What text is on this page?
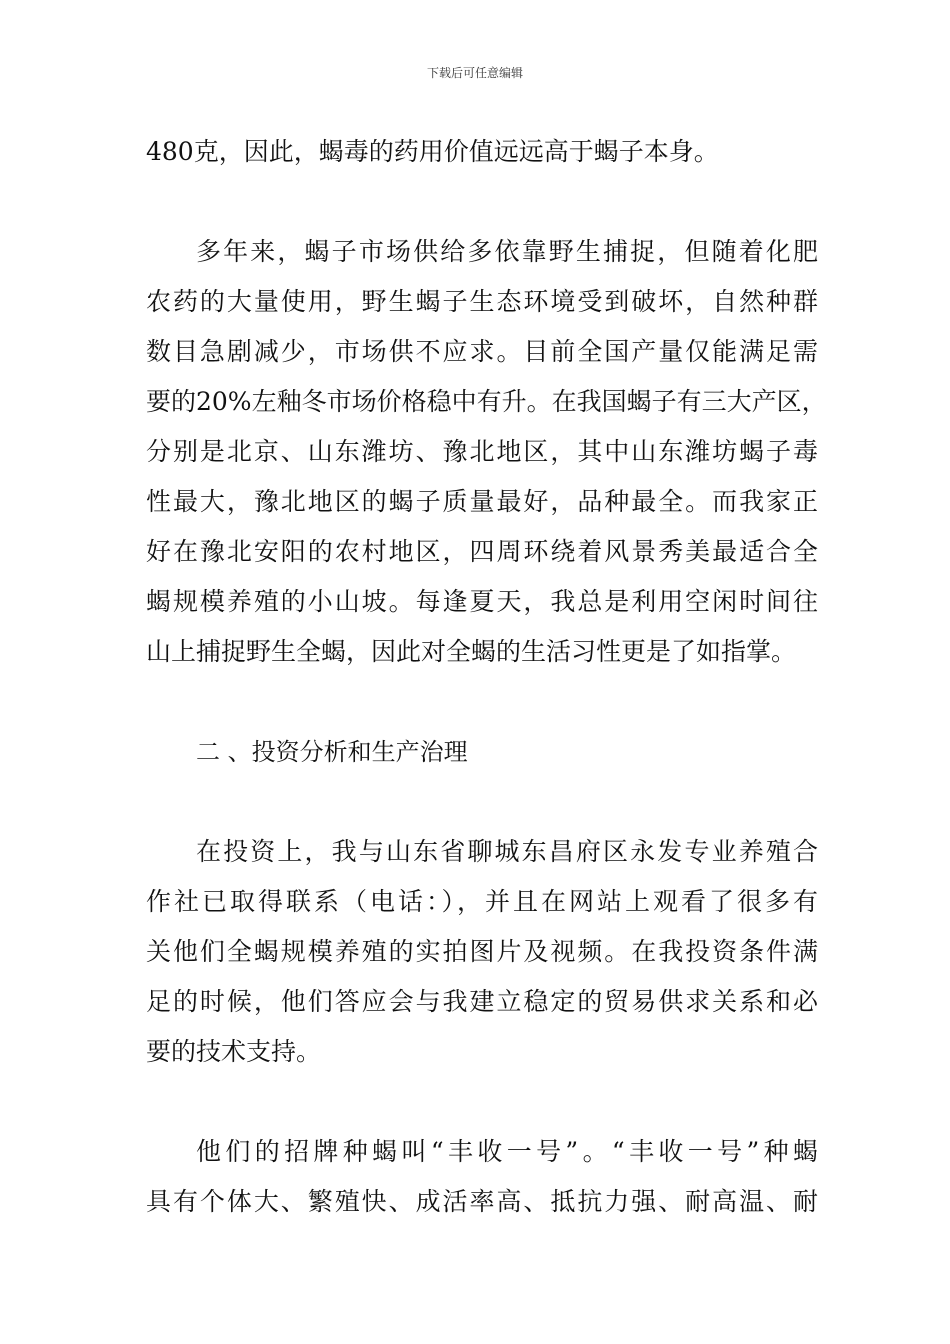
下载后可任意编辑

480克，因此，蝎毒的药用价值远远高于蝎子本身。

多年来，蝎子市场供给多依靠野生捕捉，但随着化肥
农药的大量使用，野生蝎子生态环境受到破坏，自然种群
数目急剧减少，市场供不应求。目前全国产量仅能满足需
要的20%左釉冬市场价格稳中有升。在我国蝎子有三大产区，
分别是北京、山东潍坊、豫北地区，其中山东潍坊蝎子毒
性最大，豫北地区的蝎子质量最好，品种最全。而我家正
好在豫北安阳的农村地区，四周环绕着风景秀美最适合全
蝎规模养殖的小山坡。每逢夏天，我总是利用空闲时间往
山上捕捉野生全蝎，因此对全蝎的生活习性更是了如指掌。

二 、投资分析和生产治理

在投资上，我与山东省聊城东昌府区永发专业养殖合
作社已取得联系（电话：），并且在网站上观看了很多有
关他们全蝎规模养殖的实拍图片及视频。在我投资条件满
足的时候，他们答应会与我建立稳定的贸易供求关系和必
要的技术支持。

他们的招牌种蝎叫“丰收一号”。“丰收一号”种蝎
具有个体大、繁殖快、成活率高、抵抗力强、耐高温、耐
